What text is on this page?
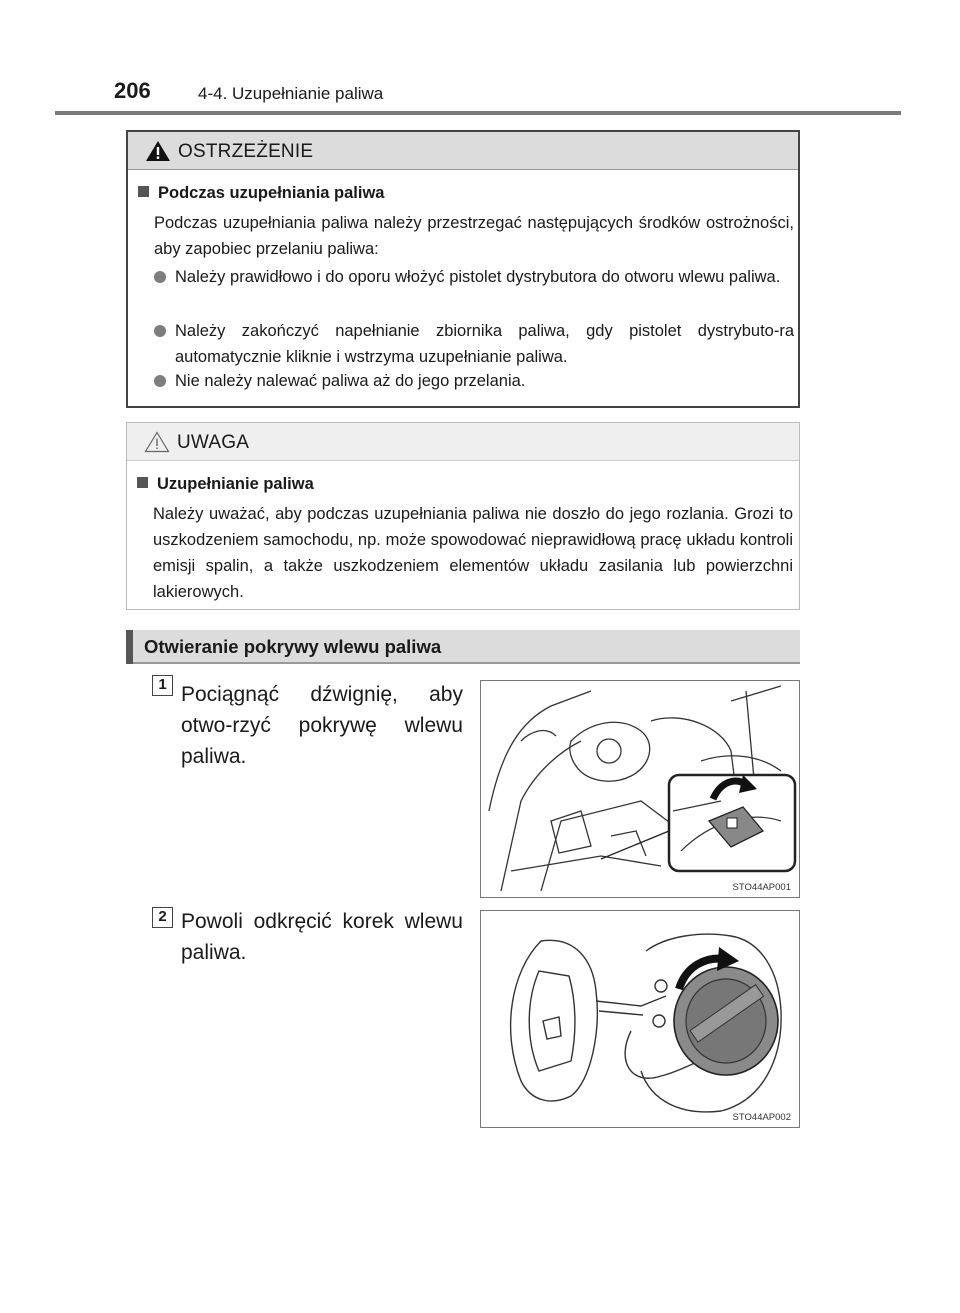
206	4-4. Uzupełnianie paliwa
OSTRZEŻENIE
Podczas uzupełniania paliwa
Podczas uzupełniania paliwa należy przestrzegać następujących środków ostrożności, aby zapobiec przelaniu paliwa:
Należy prawidłowo i do oporu włożyć pistolet dystrybutora do otworu wlewu paliwa.
Należy zakończyć napełnianie zbiornika paliwa, gdy pistolet dystrybuto-ra automatycznie kliknie i wstrzyma uzupełnianie paliwa.
Nie należy nalewać paliwa aż do jego przelania.
UWAGA
Uzupełnianie paliwa
Należy uważać, aby podczas uzupełniania paliwa nie doszło do jego rozlania. Grozi to uszkodzeniem samochodu, np. może spowodować nieprawidłową pracę układu kontroli emisji spalin, a także uszkodzeniem elementów układu zasilania lub powierzchni lakierowych.
Otwieranie pokrywy wlewu paliwa
1 Pociągnąć dźwignię, aby otwo-rzyć pokrywę wlewu paliwa.
STO44AP001
2 Powoli odkręcić korek wlewu paliwa.
STO44AP002
